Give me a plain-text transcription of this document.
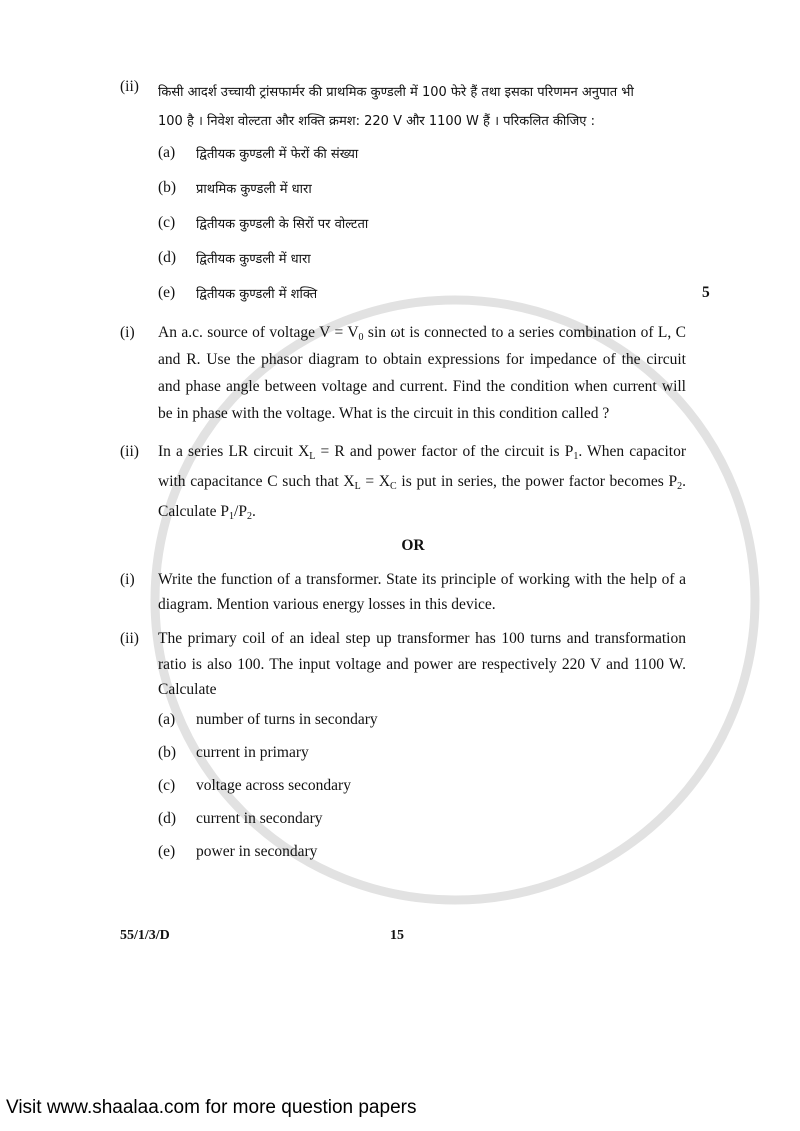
(ii)	किसी आदर्श उच्चायी ट्रांसफार्मर की प्राथमिक कुण्डली में 100 फेरे हैं तथा इसका परिणमन अनुपात भी
100 है । निवेश वोल्टता और शक्ति क्रमश: 220 V और 1100 W हैं । परिकलित कीजिए :
(a)	द्वितीयक कुण्डली में फेरों की संख्या
(b)	प्राथमिक कुण्डली में धारा
(c)	द्वितीयक कुण्डली के सिरों पर वोल्टता
(d)	द्वितीयक कुण्डली में धारा
(e)	द्वितीयक कुण्डली में शक्ति	5
(i)	An a.c. source of voltage $V = V_0$ sin ωt is connected to a series combination of L, C and R. Use the phasor diagram to obtain expressions for impedance of the circuit and phase angle between voltage and current. Find the condition when current will be in phase with the voltage. What is the circuit in this condition called ?
(ii)	In a series LR circuit $X_L = R$ and power factor of the circuit is $P_1$. When capacitor with capacitance C such that $X_L = X_C$ is put in series, the power factor becomes $P_2$. Calculate $P_1/P_2$.
OR
(i)	Write the function of a transformer. State its principle of working with the help of a diagram. Mention various energy losses in this device.
(ii)	The primary coil of an ideal step up transformer has 100 turns and transformation ratio is also 100. The input voltage and power are respectively 220 V and 1100 W. Calculate
(a)	number of turns in secondary
(b)	current in primary
(c)	voltage across secondary
(d)	current in secondary
(e)	power in secondary
55/1/3/D	15
Visit www.shaalaa.com for more question papers
